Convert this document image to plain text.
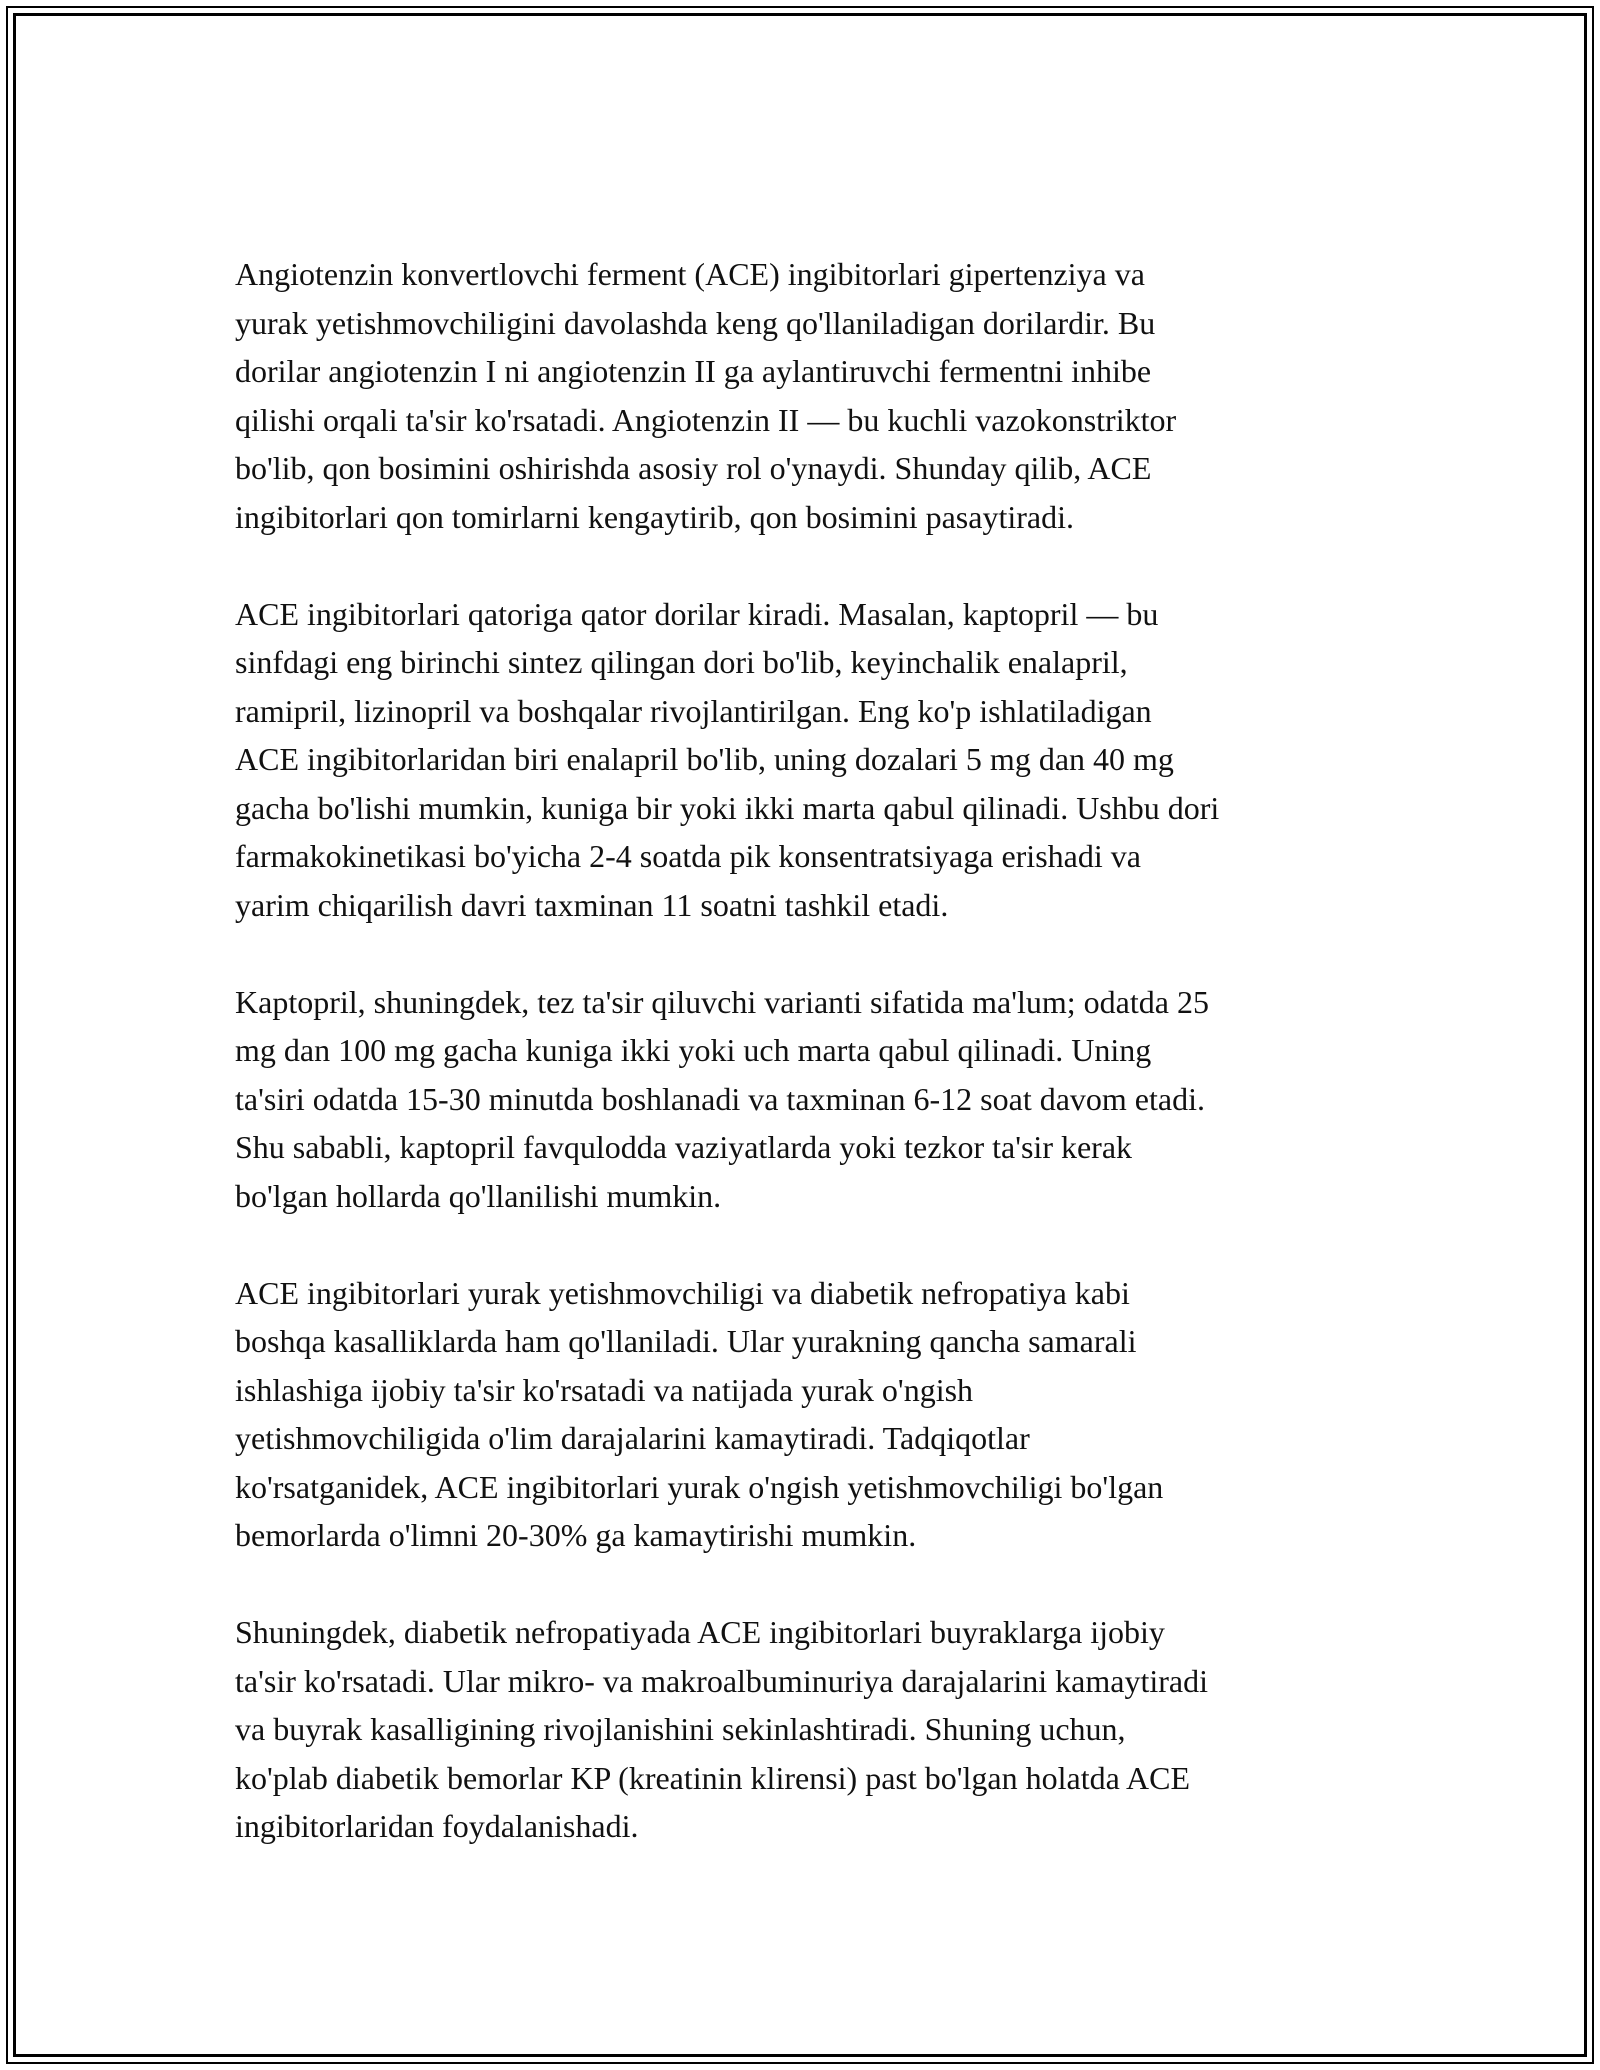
Angiotenzin konvertlovchi ferment (ACE) ingibitorlari gipertenziya va
yurak yetishmovchiligini davolashda keng qo'llaniladigan dorilardir. Bu
dorilar angiotenzin I ni angiotenzin II ga aylantiruvchi fermentni inhibe
qilishi orqali ta'sir ko'rsatadi. Angiotenzin II — bu kuchli vazokonstriktor
bo'lib, qon bosimini oshirishda asosiy rol o'ynaydi. Shunday qilib, ACE
ingibitorlari qon tomirlarni kengaytirib, qon bosimini pasaytiradi.

ACE ingibitorlari qatoriga qator dorilar kiradi. Masalan, kaptopril — bu
sinfdagi eng birinchi sintez qilingan dori bo'lib, keyinchalik enalapril,
ramipril, lizinopril va boshqalar rivojlantirilgan. Eng ko'p ishlatiladigan
ACE ingibitorlaridan biri enalapril bo'lib, uning dozalari 5 mg dan 40 mg
gacha bo'lishi mumkin, kuniga bir yoki ikki marta qabul qilinadi. Ushbu dori
farmakokinetikasi bo'yicha 2-4 soatda pik konsentratsiyaga erishadi va
yarim chiqarilish davri taxminan 11 soatni tashkil etadi.

Kaptopril, shuningdek, tez ta'sir qiluvchi varianti sifatida ma'lum; odatda 25
mg dan 100 mg gacha kuniga ikki yoki uch marta qabul qilinadi. Uning
ta'siri odatda 15-30 minutda boshlanadi va taxminan 6-12 soat davom etadi.
Shu sababli, kaptopril favqulodda vaziyatlarda yoki tezkor ta'sir kerak
bo'lgan hollarda qo'llanilishi mumkin.

ACE ingibitorlari yurak yetishmovchiligi va diabetik nefropatiya kabi
boshqa kasalliklarda ham qo'llaniladi. Ular yurakning qancha samarali
ishlashiga ijobiy ta'sir ko'rsatadi va natijada yurak o'ngish
yetishmovchiligida o'lim darajalarini kamaytiradi. Tadqiqotlar
ko'rsatganidek, ACE ingibitorlari yurak o'ngish yetishmovchiligi bo'lgan
bemorlarda o'limni 20-30% ga kamaytirishi mumkin.

Shuningdek, diabetik nefropatiyada ACE ingibitorlari buyraklarga ijobiy
ta'sir ko'rsatadi. Ular mikro- va makroalbuminuriya darajalarini kamaytiradi
va buyrak kasalligining rivojlanishini sekinlashtiradi. Shuning uchun,
ko'plab diabetik bemorlar KP (kreatinin klirensi) past bo'lgan holatda ACE
ingibitorlaridan foydalanishadi.
